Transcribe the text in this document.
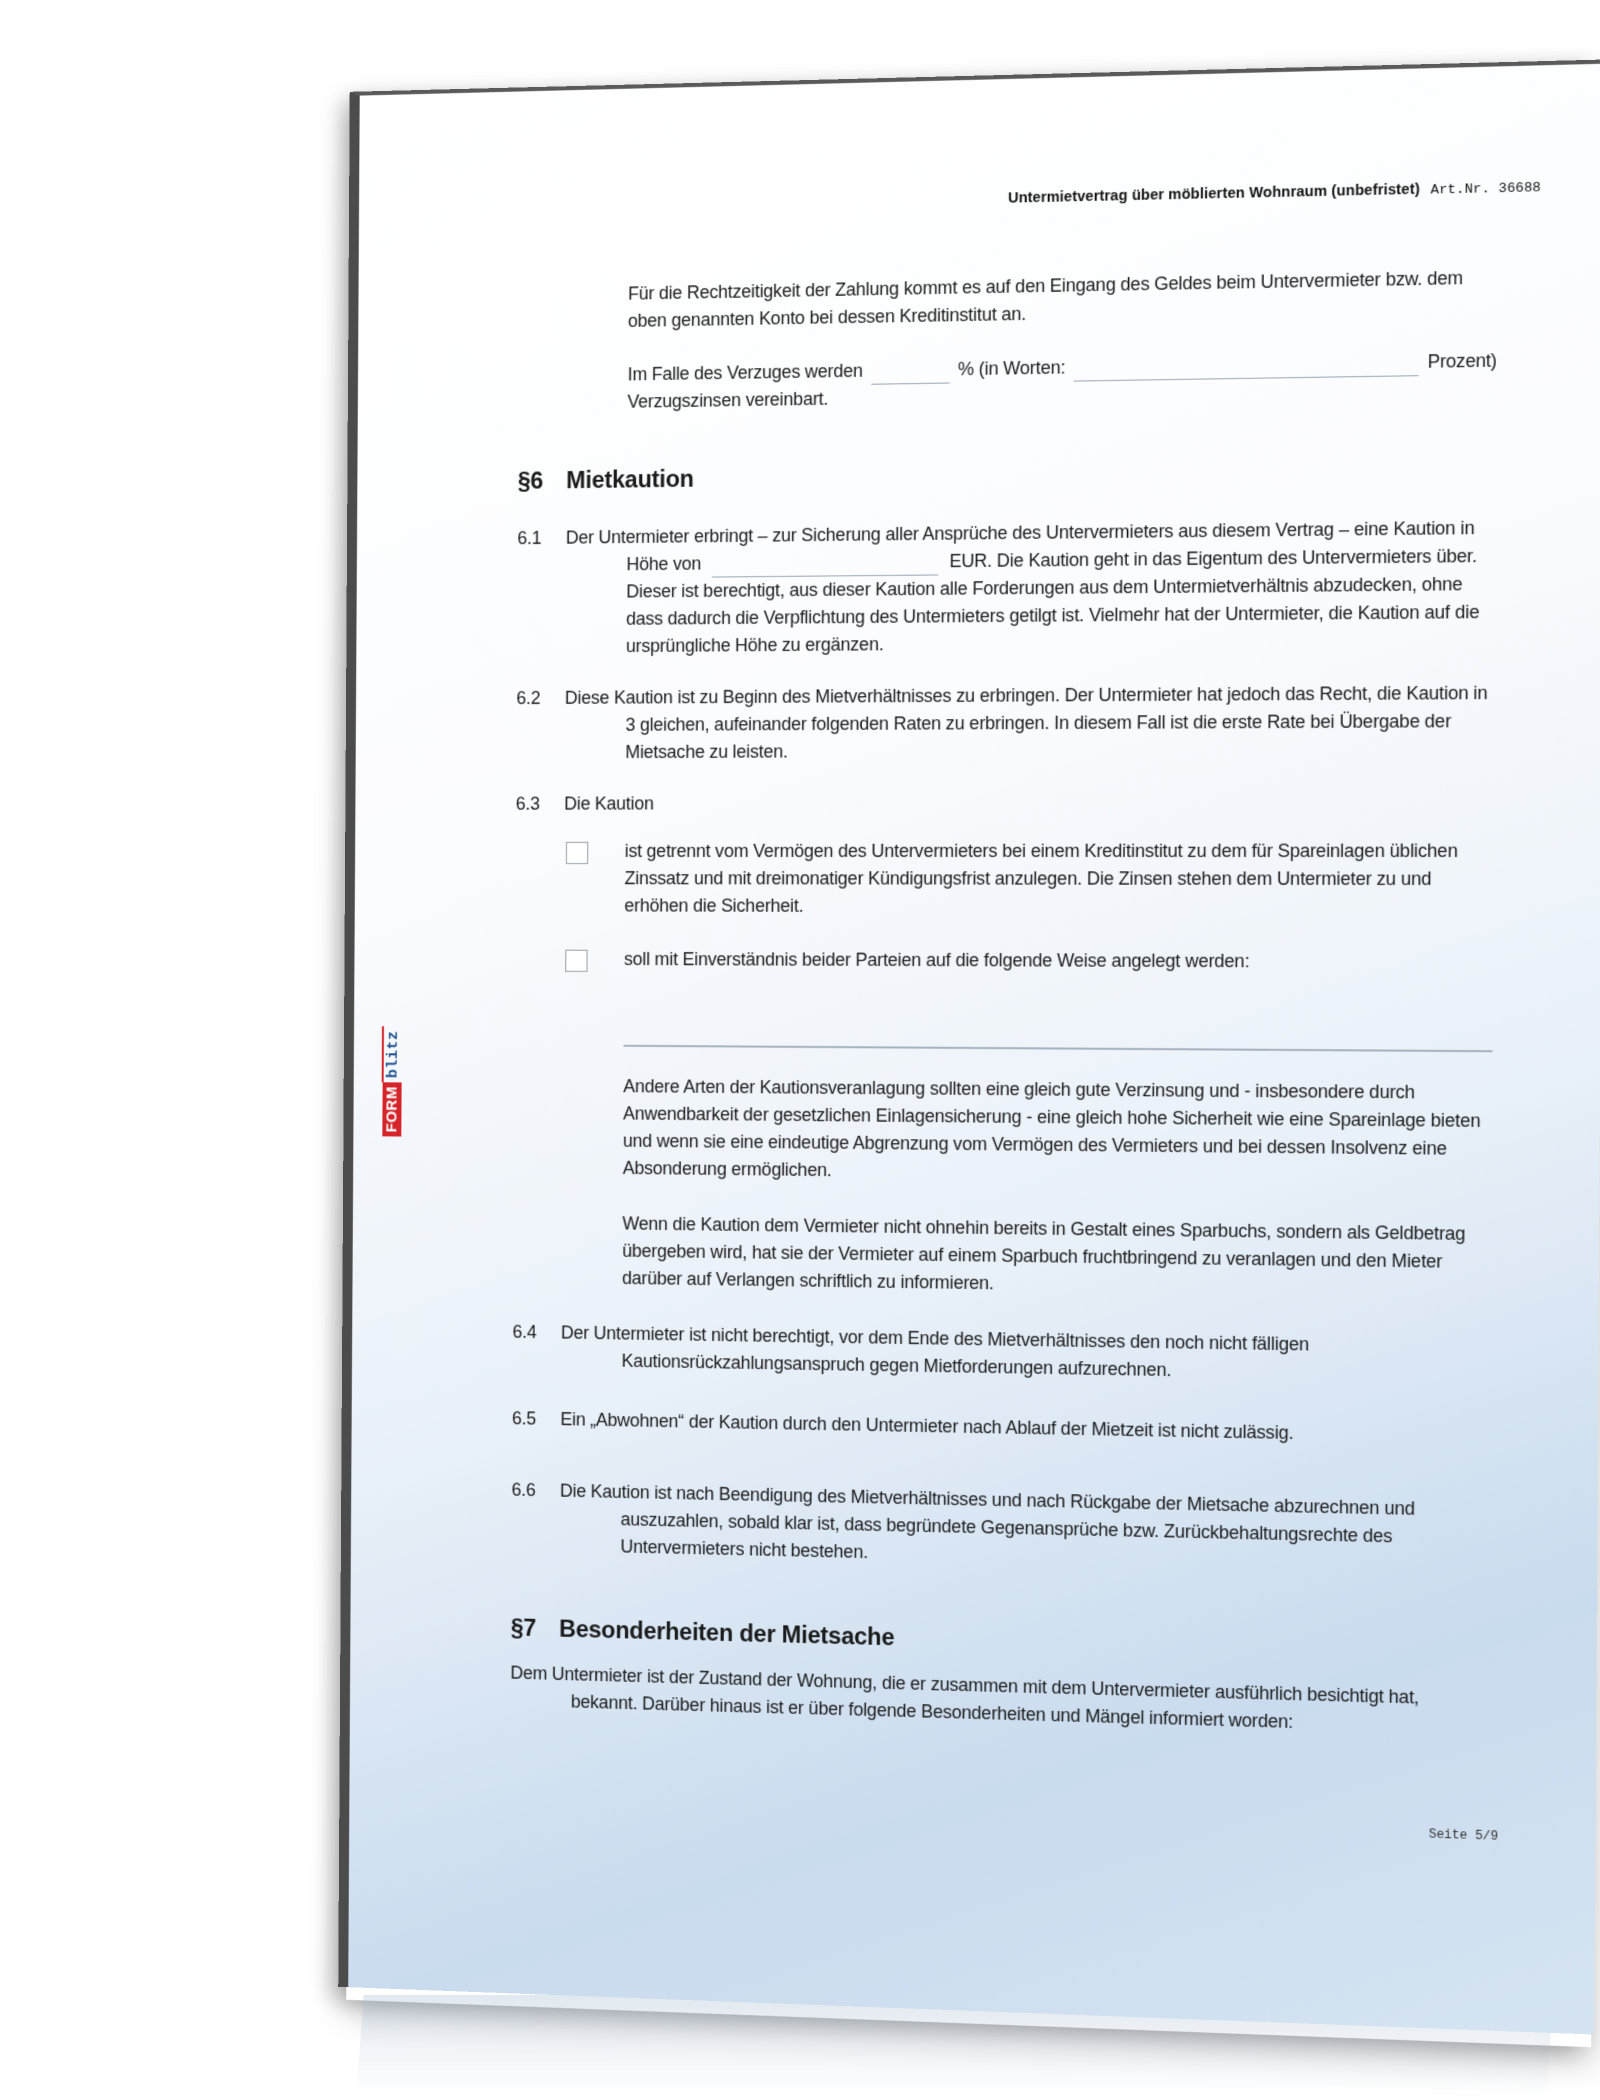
Untermietvertrag über möblierten Wohnraum (unbefristet) Art.Nr. 36688
FORM
blitz

Für die Rechtzeitigkeit der Zahlung kommt es auf den Eingang des Geldes beim Untervermieter bzw. dem oben genannten Konto bei dessen Kreditinstitut an.

Im Falle des Verzuges werden	% (in Worten:	Prozent)

Verzugszinsen vereinbart.

§6 Mietkaution
6.1	Der Untermieter erbringt – zur Sicherung aller Ansprüche des Untervermieters aus diesem Vertrag – eine Kaution in Höhe von	EUR. Die Kaution geht in das Eigentum des Untervermieters über. Dieser ist berechtigt, aus dieser Kaution alle Forderungen aus dem Untermietverhältnis abzudecken, ohne dass dadurch die Verpflichtung des Untermieters getilgt ist. Vielmehr hat der Untermieter, die Kaution auf die ursprüngliche Höhe zu ergänzen.
6.2	Diese Kaution ist zu Beginn des Mietverhältnisses zu erbringen. Der Untermieter hat jedoch das Recht, die Kaution in 3 gleichen, aufeinander folgenden Raten zu erbringen. In diesem Fall ist die erste Rate bei Übergabe der Mietsache zu leisten.
6.3	Die Kaution
ist getrennt vom Vermögen des Untervermieters bei einem Kreditinstitut zu dem für Spareinlagen üblichen Zinssatz und mit dreimonatiger Kündigungsfrist anzulegen. Die Zinsen stehen dem Untermieter zu und erhöhen die Sicherheit.
soll mit Einverständnis beider Parteien auf die folgende Weise angelegt werden:

Andere Arten der Kautionsveranlagung sollten eine gleich gute Verzinsung und - insbesondere durch Anwendbarkeit der gesetzlichen Einlagensicherung - eine gleich hohe Sicherheit wie eine Spareinlage bieten und wenn sie eine eindeutige Abgrenzung vom Vermögen des Vermieters und bei dessen Insolvenz eine Absonderung ermöglichen.

Wenn die Kaution dem Vermieter nicht ohnehin bereits in Gestalt eines Sparbuchs, sondern als Geldbetrag übergeben wird, hat sie der Vermieter auf einem Sparbuch fruchtbringend zu veranlagen und den Mieter darüber auf Verlangen schriftlich zu informieren.

6.4	Der Untermieter ist nicht berechtigt, vor dem Ende des Mietverhältnisses den noch nicht fälligen Kautionsrückzahlungsanspruch gegen Mietforderungen aufzurechnen.
6.5	Ein „Abwohnen“ der Kaution durch den Untermieter nach Ablauf der Mietzeit ist nicht zulässig.
6.6	Die Kaution ist nach Beendigung des Mietverhältnisses und nach Rückgabe der Mietsache abzurechnen und auszuzahlen, sobald klar ist, dass begründete Gegenansprüche bzw. Zurückbehaltungsrechte des Untervermieters nicht bestehen.
§7 Besonderheiten der Mietsache

Dem Untermieter ist der Zustand der Wohnung, die er zusammen mit dem Untervermieter ausführlich besichtigt hat, bekannt. Darüber hinaus ist er über folgende Besonderheiten und Mängel informiert worden:

Seite 5/9
